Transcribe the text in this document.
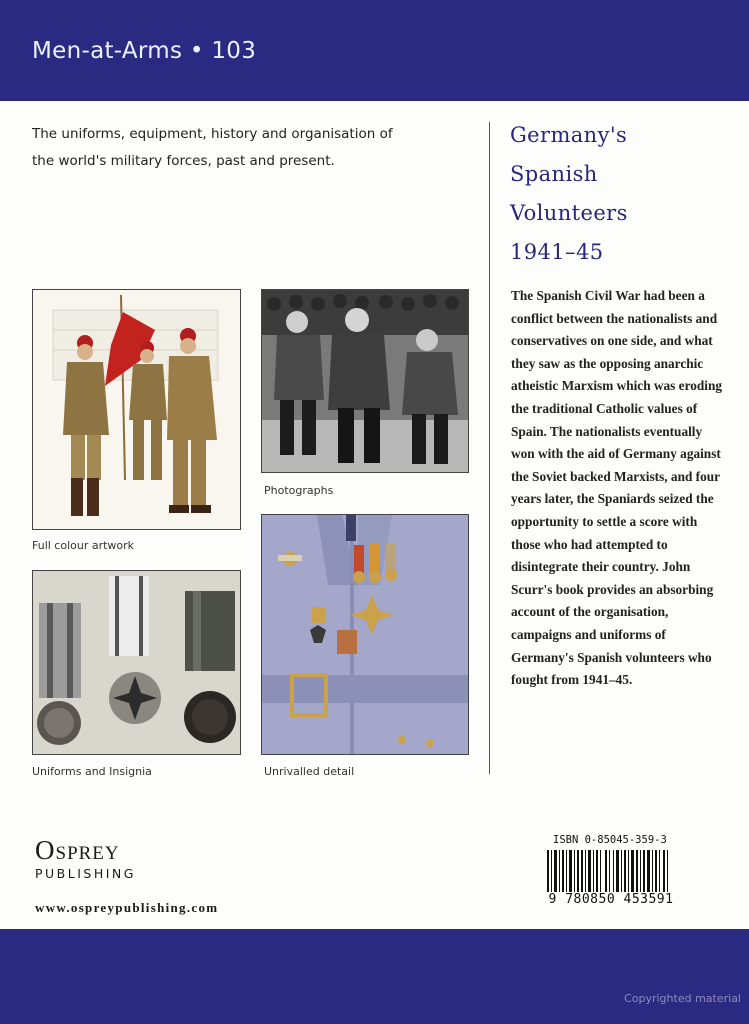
Men-at-Arms • 103
The uniforms, equipment, history and organisation of the world's military forces, past and present.
Germany's
Spanish
Volunteers
1941–45
The Spanish Civil War had been a conflict between the nationalists and conservatives on one side, and what they saw as the opposing anarchic atheistic Marxism which was eroding the traditional Catholic values of Spain. The nationalists eventually won with the aid of Germany against the Soviet backed Marxists, and four years later, the Spaniards seized the opportunity to settle a score with those who had attempted to disintegrate their country. John Scurr's book provides an absorbing account of the organisation, campaigns and uniforms of Germany's Spanish volunteers who fought from 1941–45.
Full colour artwork
Photographs
Uniforms and Insignia	Unrivalled detail
Osprey
PUBLISHING
www.ospreypublishing.com
ISBN 0-85045-359-3
9 780850 453591
Copyrighted material
